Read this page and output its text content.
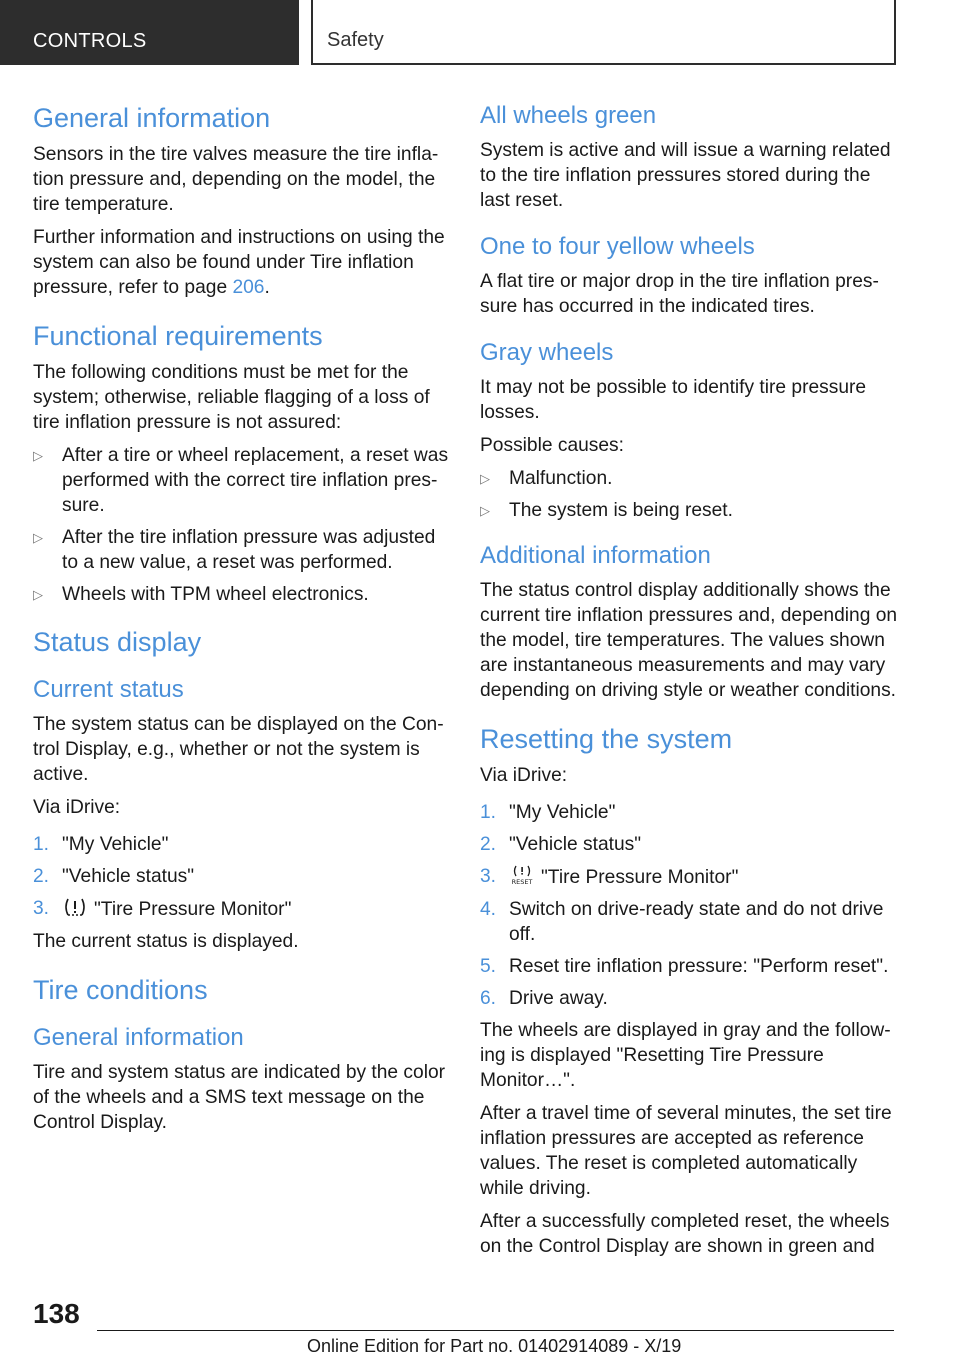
CONTROLS	Safety
General information

Sensors in the tire valves measure the tire inflation pressure and, depending on the model, the tire temperature.

Further information and instructions on using the system can also be found under Tire inflation pressure, refer to page 206.

Functional requirements

The following conditions must be met for the system; otherwise, reliable flagging of a loss of tire inflation pressure is not assured:

▷ After a tire or wheel replacement, a reset was performed with the correct tire inflation pressure.
▷ After the tire inflation pressure was adjusted to a new value, a reset was performed.
▷ Wheels with TPM wheel electronics.
Status display
Current status

The system status can be displayed on the Control Display, e.g., whether or not the system is active.

Via iDrive:

1. "My Vehicle"
2. "Vehicle status"
3. "Tire Pressure Monitor"

The current status is displayed.

Tire conditions
General information

Tire and system status are indicated by the color of the wheels and a SMS text message on the Control Display.

All wheels green

System is active and will issue a warning related to the tire inflation pressures stored during the last reset.

One to four yellow wheels

A flat tire or major drop in the tire inflation pressure has occurred in the indicated tires.

Gray wheels

It may not be possible to identify tire pressure losses.

Possible causes:

▷ Malfunction.
▷ The system is being reset.
Additional information

The status control display additionally shows the current tire inflation pressures and, depending on the model, tire temperatures. The values shown are instantaneous measurements and may vary depending on driving style or weather conditions.

Resetting the system

Via iDrive:

1. "My Vehicle"
2. "Vehicle status"
3. RESET "Tire Pressure Monitor"
4. Switch on drive-ready state and do not drive off.
5. Reset tire inflation pressure: "Perform reset".
6. Drive away.

The wheels are displayed in gray and the following is displayed "Resetting Tire Pressure Monitor…".

After a travel time of several minutes, the set tire inflation pressures are accepted as reference values. The reset is completed automatically while driving.

After a successfully completed reset, the wheels on the Control Display are shown in green and

138
Online Edition for Part no. 01402914089 - X/19
